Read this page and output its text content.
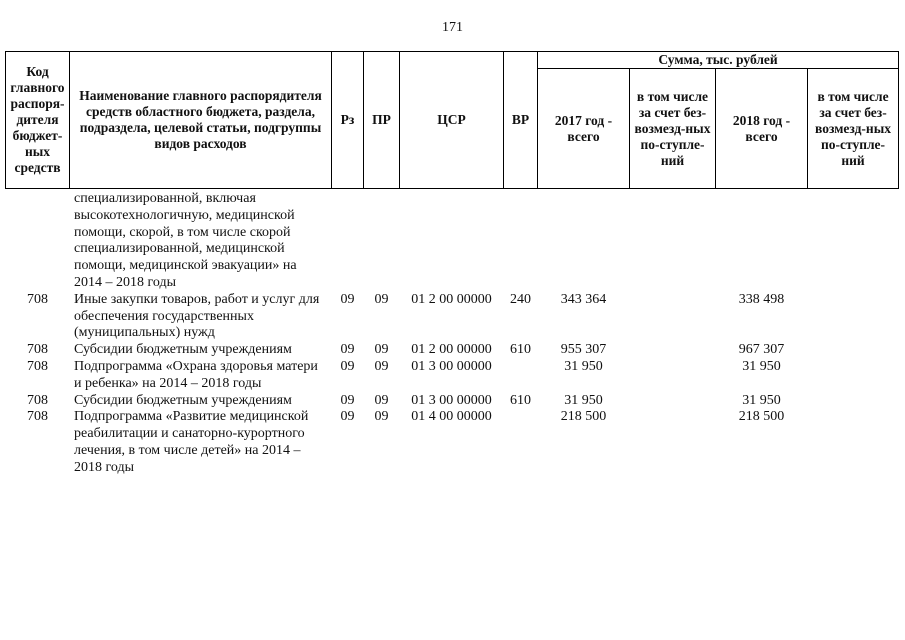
171
Код главного распоря-дителя бюджет-ных средств	Наименование главного распорядителя средств областного бюджета, раздела, подраздела, целевой статьи, подгруппы видов расходов	Рз	ПР	ЦСР	ВР	Сумма, тыс. рублей			
						2017 год - всего	в том числе за счет без-возмезд-ных по-ступле-ний	2018 год - всего	в том числе за счет без-возмезд-ных по-ступле-ний
	специализированной, включая высокотехнологичную, медицинской помощи, скорой, в том числе скорой специализированной, медицинской помощи, медицинской эвакуации» на 2014 – 2018 годы								
708	Иные закупки товаров, работ и услуг для обеспечения государственных (муниципальных) нужд	09	09	01 2 00 00000	240	343 364		338 498	
708	Субсидии бюджетным учреждениям	09	09	01 2 00 00000	610	955 307		967 307	
708	Подпрограмма «Охрана здоровья матери и ребенка» на 2014 – 2018 годы	09	09	01 3 00 00000		31 950		31 950	
708	Субсидии бюджетным учреждениям	09	09	01 3 00 00000	610	31 950		31 950	
708	Подпрограмма «Развитие медицинской реабилитации и санаторно-курортного лечения, в том числе детей» на 2014 – 2018 годы	09	09	01 4 00 00000		218 500		218 500	
